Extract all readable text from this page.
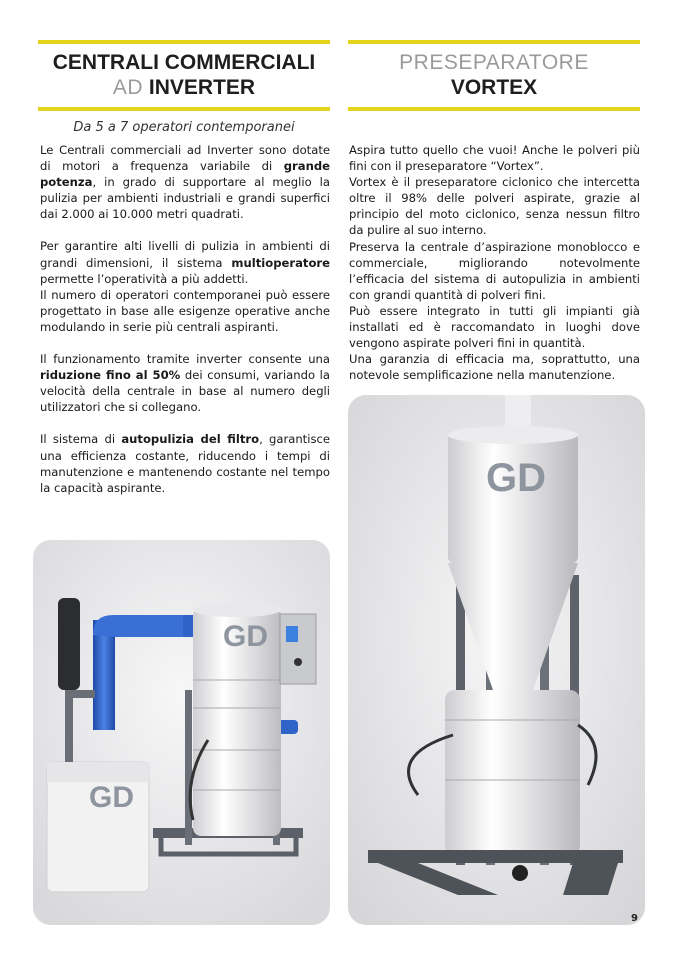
CENTRALI COMMERCIALI
AD INVERTER
PRESEPARATORE
VORTEX
Da 5 a 7 operatori contemporanei

Le Centrali commerciali ad Inverter sono dotate di motori a frequenza variabile di grande potenza, in grado di supportare al meglio la pulizia per ambienti industriali e grandi superfici dai 2.000 ai 10.000 metri quadrati.

Per garantire alti livelli di pulizia in ambienti di grandi dimensioni, il sistema multioperatore permette l’operatività a più addetti.

Il numero di operatori contemporanei può essere progettato in base alle esigenze operative anche modulando in serie più centrali aspiranti.

Il funzionamento tramite inverter consente una riduzione fino al 50% dei consumi, variando la velocità della centrale in base al numero degli utilizzatori che si collegano.

Il sistema di autopulizia del filtro, garantisce una efficienza costante, riducendo i tempi di manutenzione e mantenendo costante nel tempo la capacità aspirante.

Aspira tutto quello che vuoi! Anche le polveri più fini con il preseparatore “Vortex”.

Vortex è il preseparatore ciclonico che intercetta oltre il 98% delle polveri aspirate, grazie al principio del moto ciclonico, senza nessun filtro da pulire al suo interno.

Preserva la centrale d’aspirazione monoblocco e commerciale, migliorando notevolmente l’efficacia del sistema di autopulizia in ambienti con grandi quantità di polveri fini.

Può essere integrato in tutti gli impianti già installati ed è raccomandato in luoghi dove vengono aspirate polveri fini in quantità.

Una garanzia di efficacia ma, soprattutto, una notevole semplificazione nella manutenzione.

GD
GD
GD
9
